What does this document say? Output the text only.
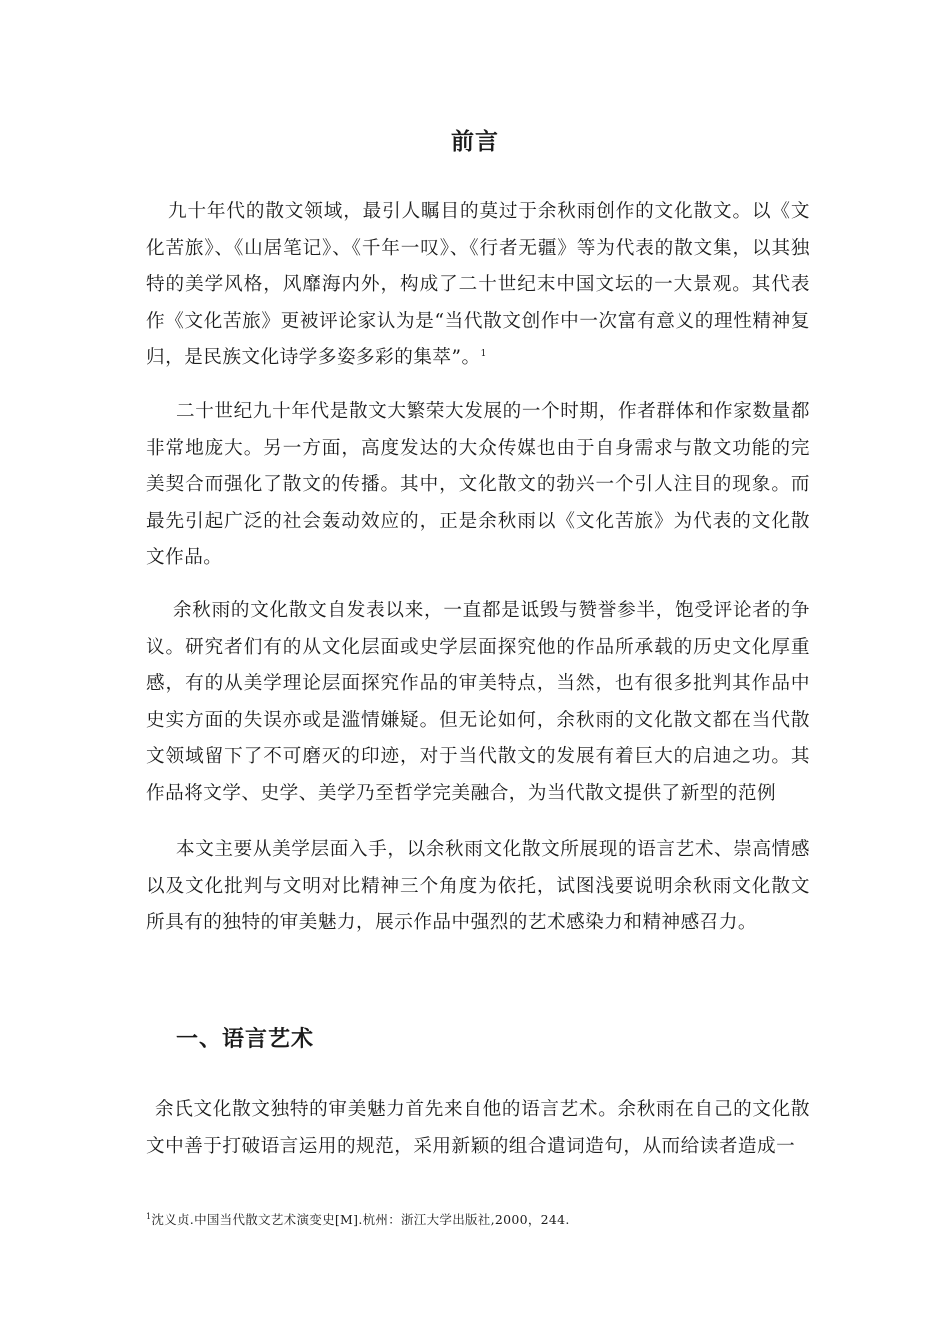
前言

九十年代的散文领域，最引人瞩目的莫过于余秋雨创作的文化散文。以《文化苦旅》、《山居笔记》、《千年一叹》、《行者无疆》等为代表的散文集，以其独特的美学风格，风靡海内外，构成了二十世纪末中国文坛的一大景观。其代表作《文化苦旅》更被评论家认为是“当代散文创作中一次富有意义的理性精神复归，是民族文化诗学多姿多彩的集萃”。$^1$

二十世纪九十年代是散文大繁荣大发展的一个时期，作者群体和作家数量都非常地庞大。另一方面，高度发达的大众传媒也由于自身需求与散文功能的完美契合而强化了散文的传播。其中，文化散文的勃兴一个引人注目的现象。而最先引起广泛的社会轰动效应的，正是余秋雨以《文化苦旅》为代表的文化散文作品。

余秋雨的文化散文自发表以来，一直都是诋毁与赞誉参半，饱受评论者的争议。研究者们有的从文化层面或史学层面探究他的作品所承载的历史文化厚重感，有的从美学理论层面探究作品的审美特点，当然，也有很多批判其作品中史实方面的失误亦或是滥情嫌疑。但无论如何，余秋雨的文化散文都在当代散文领域留下了不可磨灭的印迹，对于当代散文的发展有着巨大的启迪之功。其作品将文学、史学、美学乃至哲学完美融合，为当代散文提供了新型的范例

本文主要从美学层面入手，以余秋雨文化散文所展现的语言艺术、崇高情感以及文化批判与文明对比精神三个角度为依托，试图浅要说明余秋雨文化散文所具有的独特的审美魅力，展示作品中强烈的艺术感染力和精神感召力。

一、语言艺术

余氏文化散文独特的审美魅力首先来自他的语言艺术。余秋雨在自己的文化散文中善于打破语言运用的规范，采用新颖的组合遣词造句，从而给读者造成一

$^1$沈义贞.中国当代散文艺术演变史[M].杭州：浙江大学出版社,2000，244.
